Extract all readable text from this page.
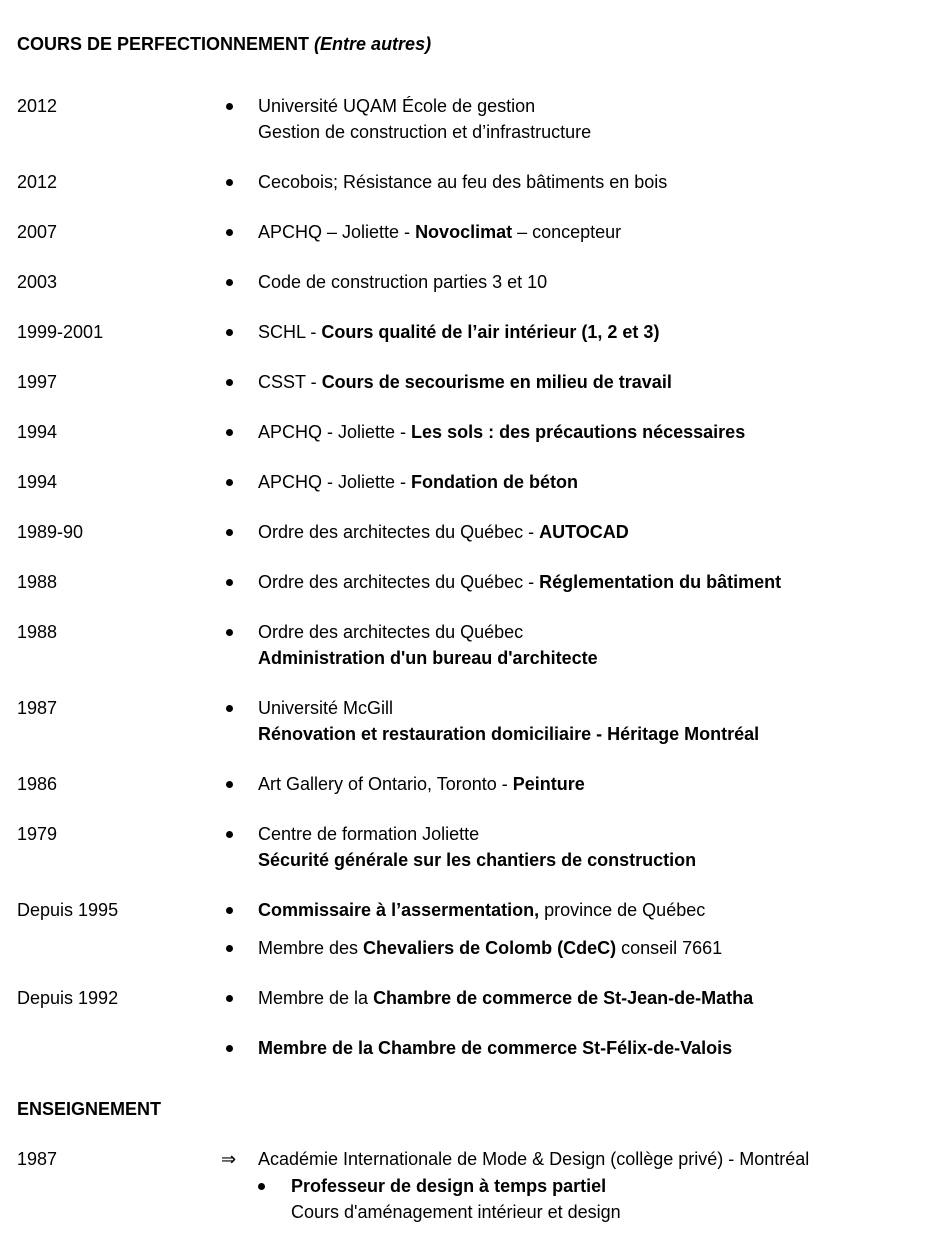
COURS DE PERFECTIONNEMENT (Entre autres)
2012	Université UQAM École de gestion
Gestion de construction et d’infrastructure
2012	Cecobois; Résistance au feu des bâtiments en bois
2007	APCHQ – Joliette - Novoclimat – concepteur
2003	Code de construction parties 3 et 10
1999-2001	SCHL - Cours qualité de l’air intérieur (1, 2 et 3)
1997	CSST - Cours de secourisme en milieu de travail
1994	APCHQ - Joliette - Les sols : des précautions nécessaires
1994	APCHQ - Joliette - Fondation de béton
1989-90	Ordre des architectes du Québec - AUTOCAD
1988	Ordre des architectes du Québec - Réglementation du bâtiment
1988	Ordre des architectes du Québec
Administration d'un bureau d'architecte
1987	Université McGill
Rénovation et restauration domiciliaire - Héritage Montréal
1986	Art Gallery of Ontario, Toronto - Peinture
1979	Centre de formation Joliette
Sécurité générale sur les chantiers de construction
Depuis 1995	Commissaire à l’assermentation, province de Québec
Membre des Chevaliers de Colomb (CdeC) conseil 7661
Depuis 1992	Membre de la Chambre de commerce de St-Jean-de-Matha
Membre de la Chambre de commerce St-Félix-de-Valois
ENSEIGNEMENT
1987	⇒ Académie Internationale de Mode & Design (collège privé) - Montréal
Professeur de design à temps partiel
Cours d'aménagement intérieur et design
